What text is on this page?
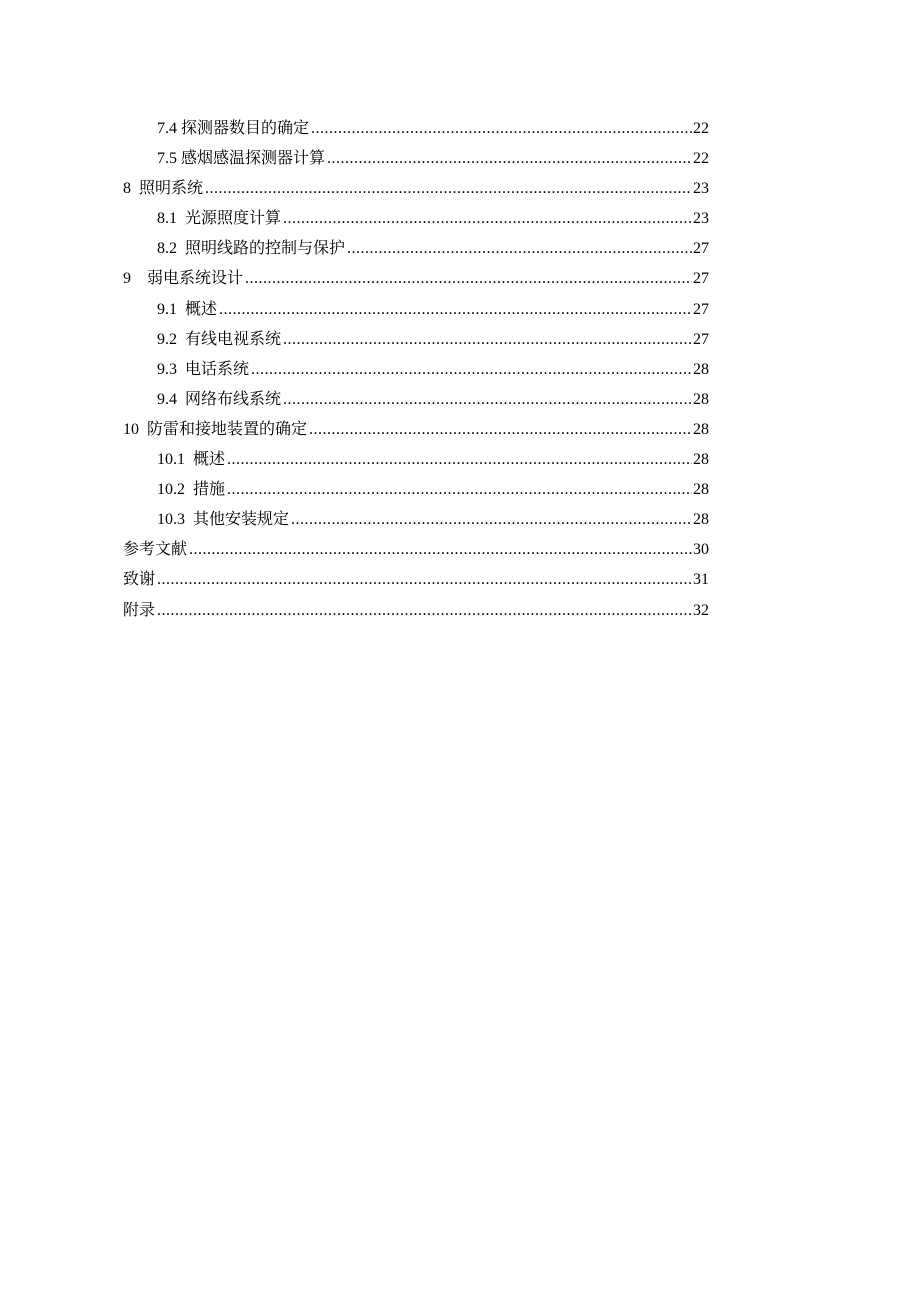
7.4 探测器数目的确定 .....	22
7.5 感烟感温探测器计算 .....	22
8  照明系统 .....	23
8.1  光源照度计算 .....	23
8.2  照明线路的控制与保护 .....	27
9    弱电系统设计 .....	27
9.1  概述 .....	27
9.2  有线电视系统 .....	27
9.3  电话系统 .....	28
9.4  网络布线系统 .....	28
10  防雷和接地装置的确定 .....	28
10.1  概述 .....	28
10.2  措施 .....	28
10.3  其他安装规定 .....	28
参考文献 .....	30
致谢 .....	31
附录 .....	32
